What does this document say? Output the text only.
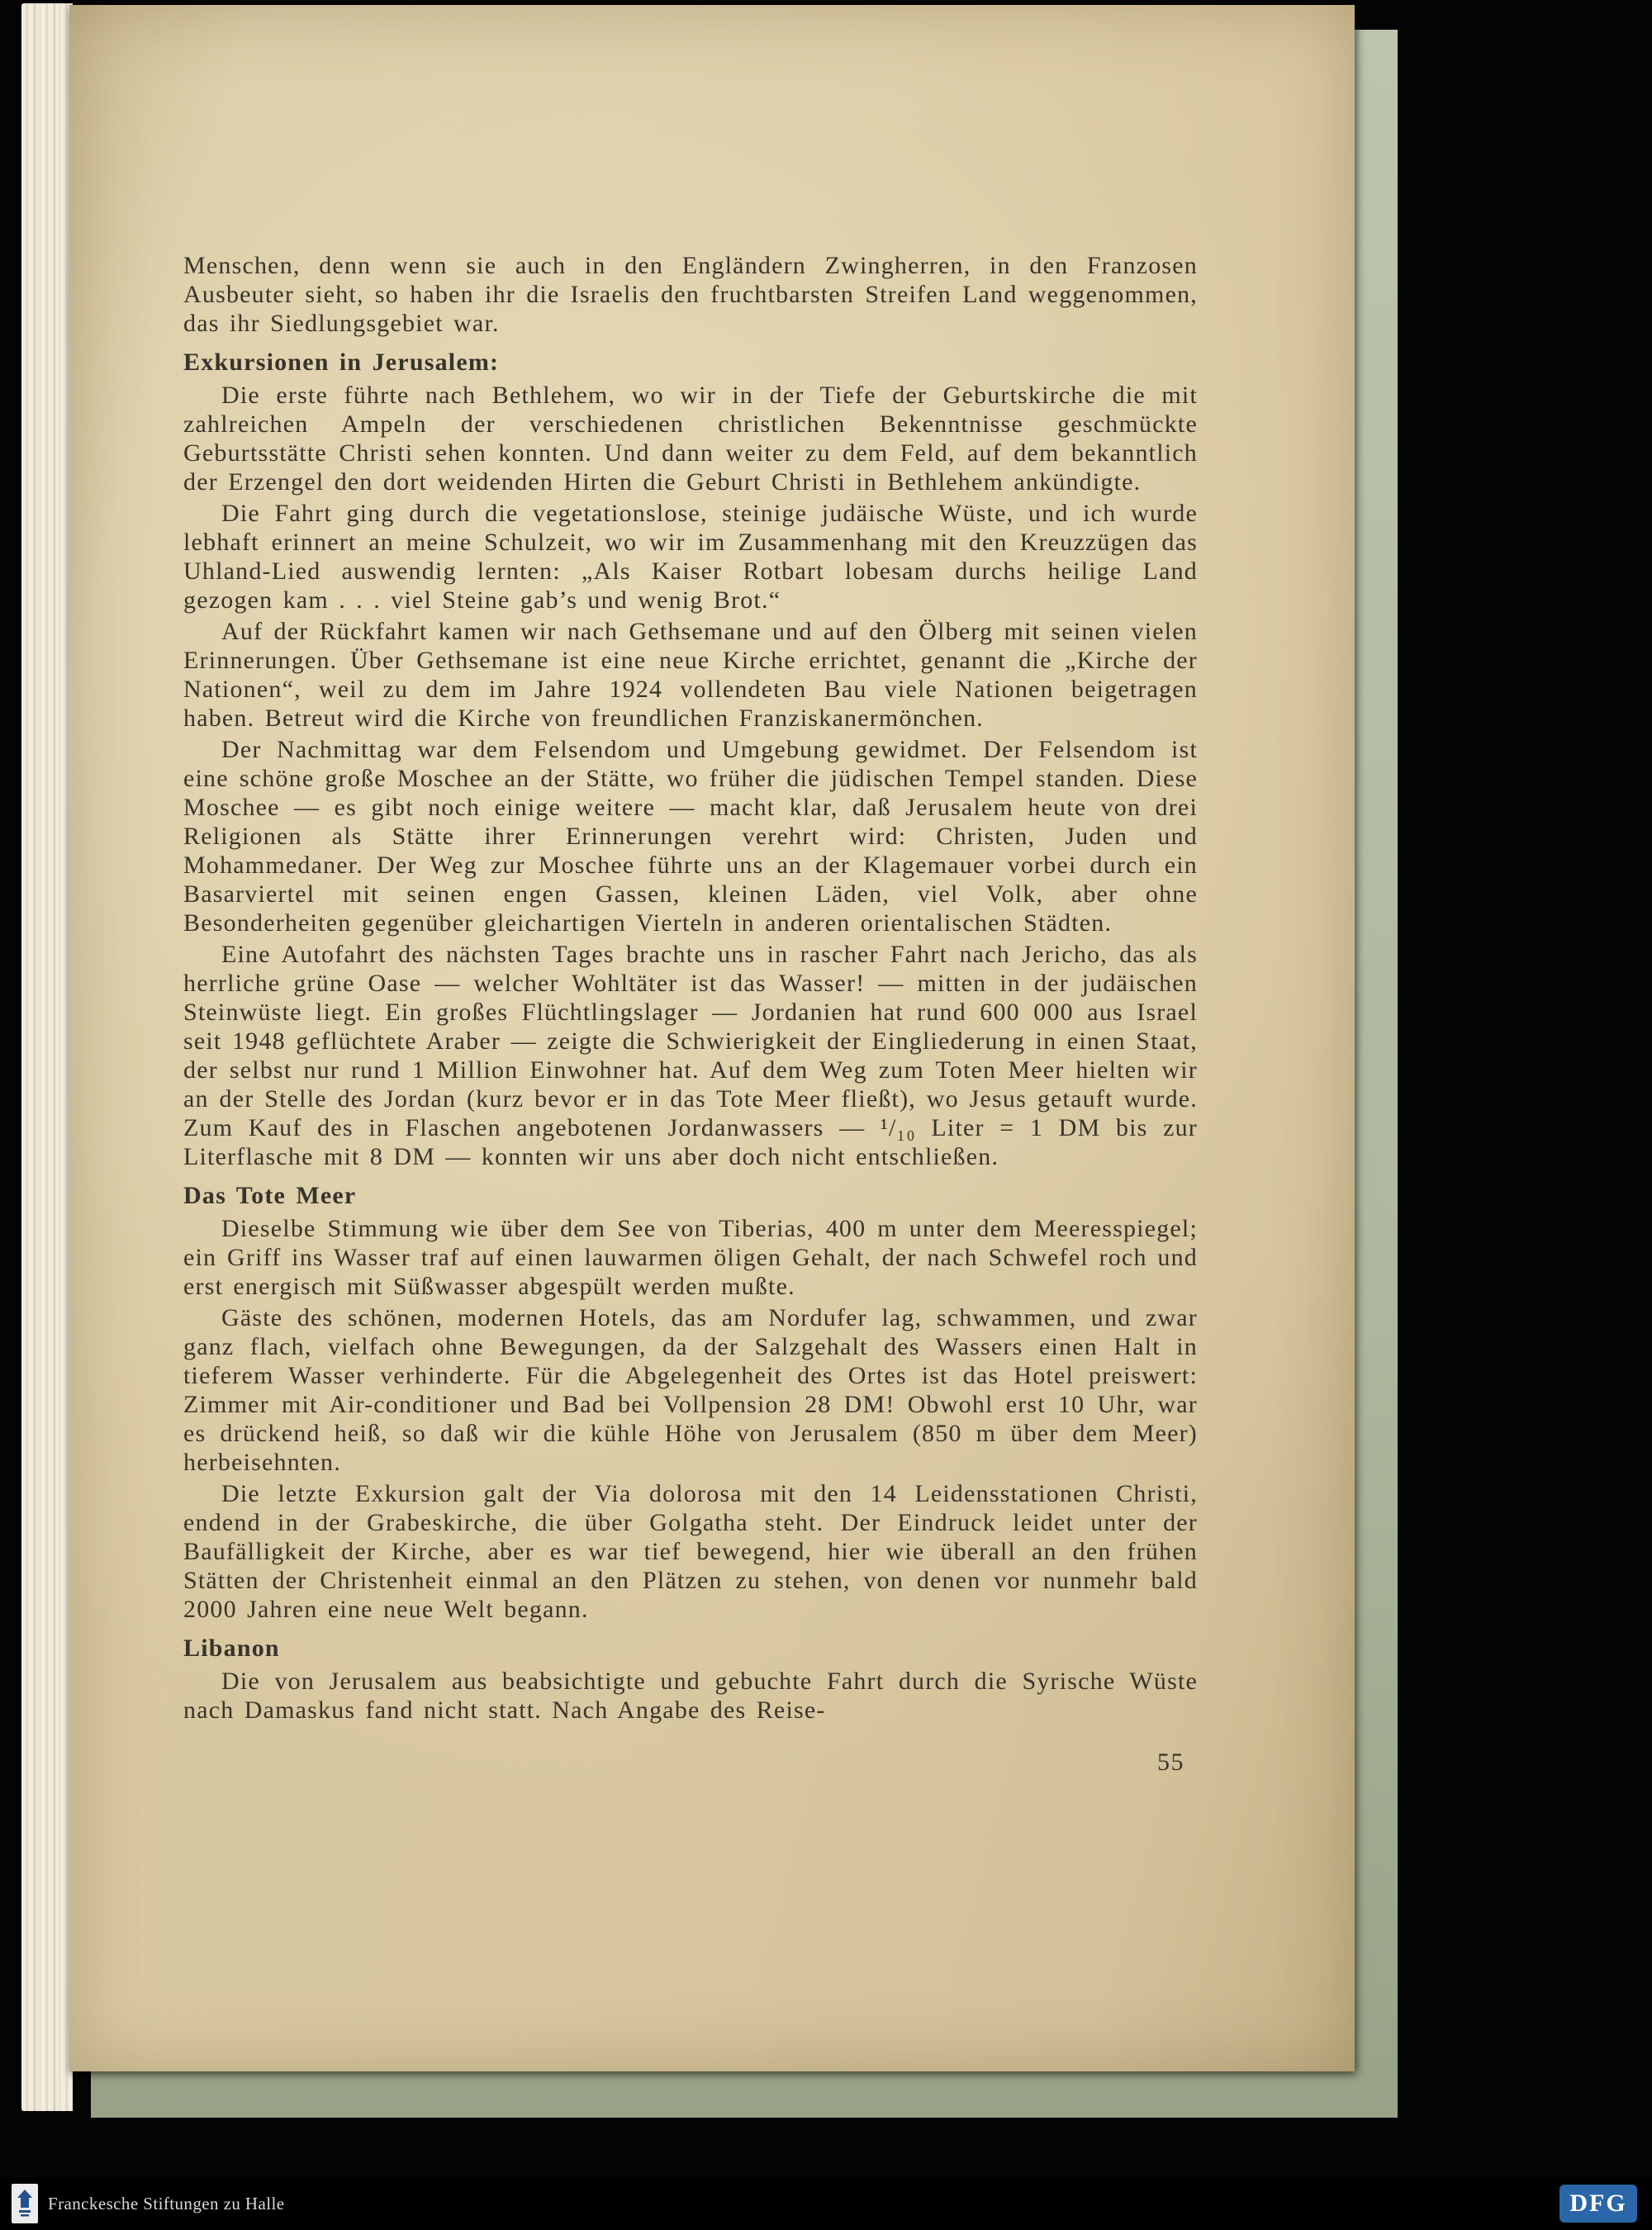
Menschen, denn wenn sie auch in den Engländern Zwingherren, in den Franzosen Ausbeuter sieht, so haben ihr die Israelis den fruchtbarsten Streifen Land weggenommen, das ihr Siedlungsgebiet war.

Exkursionen in Jerusalem:

Die erste führte nach Bethlehem, wo wir in der Tiefe der Geburtskirche die mit zahlreichen Ampeln der verschiedenen christlichen Bekenntnisse geschmückte Geburtsstätte Christi sehen konnten. Und dann weiter zu dem Feld, auf dem bekanntlich der Erzengel den dort weidenden Hirten die Geburt Christi in Bethlehem ankündigte.

Die Fahrt ging durch die vegetationslose, steinige judäische Wüste, und ich wurde lebhaft erinnert an meine Schulzeit, wo wir im Zusammenhang mit den Kreuzzügen das Uhland-Lied auswendig lernten: „Als Kaiser Rotbart lobesam durchs heilige Land gezogen kam . . . viel Steine gab’s und wenig Brot.“

Auf der Rückfahrt kamen wir nach Gethsemane und auf den Ölberg mit seinen vielen Erinnerungen. Über Gethsemane ist eine neue Kirche errichtet, genannt die „Kirche der Nationen“, weil zu dem im Jahre 1924 vollendeten Bau viele Nationen beigetragen haben. Betreut wird die Kirche von freundlichen Franziskanermönchen.

Der Nachmittag war dem Felsendom und Umgebung gewidmet. Der Felsendom ist eine schöne große Moschee an der Stätte, wo früher die jüdischen Tempel standen. Diese Moschee — es gibt noch einige weitere — macht klar, daß Jerusalem heute von drei Religionen als Stätte ihrer Erinnerungen verehrt wird: Christen, Juden und Mohammedaner. Der Weg zur Moschee führte uns an der Klagemauer vorbei durch ein Basarviertel mit seinen engen Gassen, kleinen Läden, viel Volk, aber ohne Besonderheiten gegenüber gleichartigen Vierteln in anderen orientalischen Städten.

Eine Autofahrt des nächsten Tages brachte uns in rascher Fahrt nach Jericho, das als herrliche grüne Oase — welcher Wohltäter ist das Wasser! — mitten in der judäischen Steinwüste liegt. Ein großes Flüchtlingslager — Jordanien hat rund 600 000 aus Israel seit 1948 geflüchtete Araber — zeigte die Schwierigkeit der Eingliederung in einen Staat, der selbst nur rund 1 Million Einwohner hat. Auf dem Weg zum Toten Meer hielten wir an der Stelle des Jordan (kurz bevor er in das Tote Meer fließt), wo Jesus getauft wurde. Zum Kauf des in Flaschen angebotenen Jordanwassers — ¹/₁₀ Liter = 1 DM bis zur Literflasche mit 8 DM — konnten wir uns aber doch nicht entschließen.

Das Tote Meer

Dieselbe Stimmung wie über dem See von Tiberias, 400 m unter dem Meeresspiegel; ein Griff ins Wasser traf auf einen lauwarmen öligen Gehalt, der nach Schwefel roch und erst energisch mit Süßwasser abgespült werden mußte.

Gäste des schönen, modernen Hotels, das am Nordufer lag, schwammen, und zwar ganz flach, vielfach ohne Bewegungen, da der Salzgehalt des Wassers einen Halt in tieferem Wasser verhinderte. Für die Abgelegenheit des Ortes ist das Hotel preiswert: Zimmer mit Air-conditioner und Bad bei Vollpension 28 DM! Obwohl erst 10 Uhr, war es drückend heiß, so daß wir die kühle Höhe von Jerusalem (850 m über dem Meer) herbeisehnten.

Die letzte Exkursion galt der Via dolorosa mit den 14 Leidensstationen Christi, endend in der Grabeskirche, die über Golgatha steht. Der Eindruck leidet unter der Baufälligkeit der Kirche, aber es war tief bewegend, hier wie überall an den frühen Stätten der Christenheit einmal an den Plätzen zu stehen, von denen vor nunmehr bald 2000 Jahren eine neue Welt begann.

Libanon

Die von Jerusalem aus beabsichtigte und gebuchte Fahrt durch die Syrische Wüste nach Damaskus fand nicht statt. Nach Angabe des Reise-

55
Franckesche Stiftungen zu Halle	DFG
